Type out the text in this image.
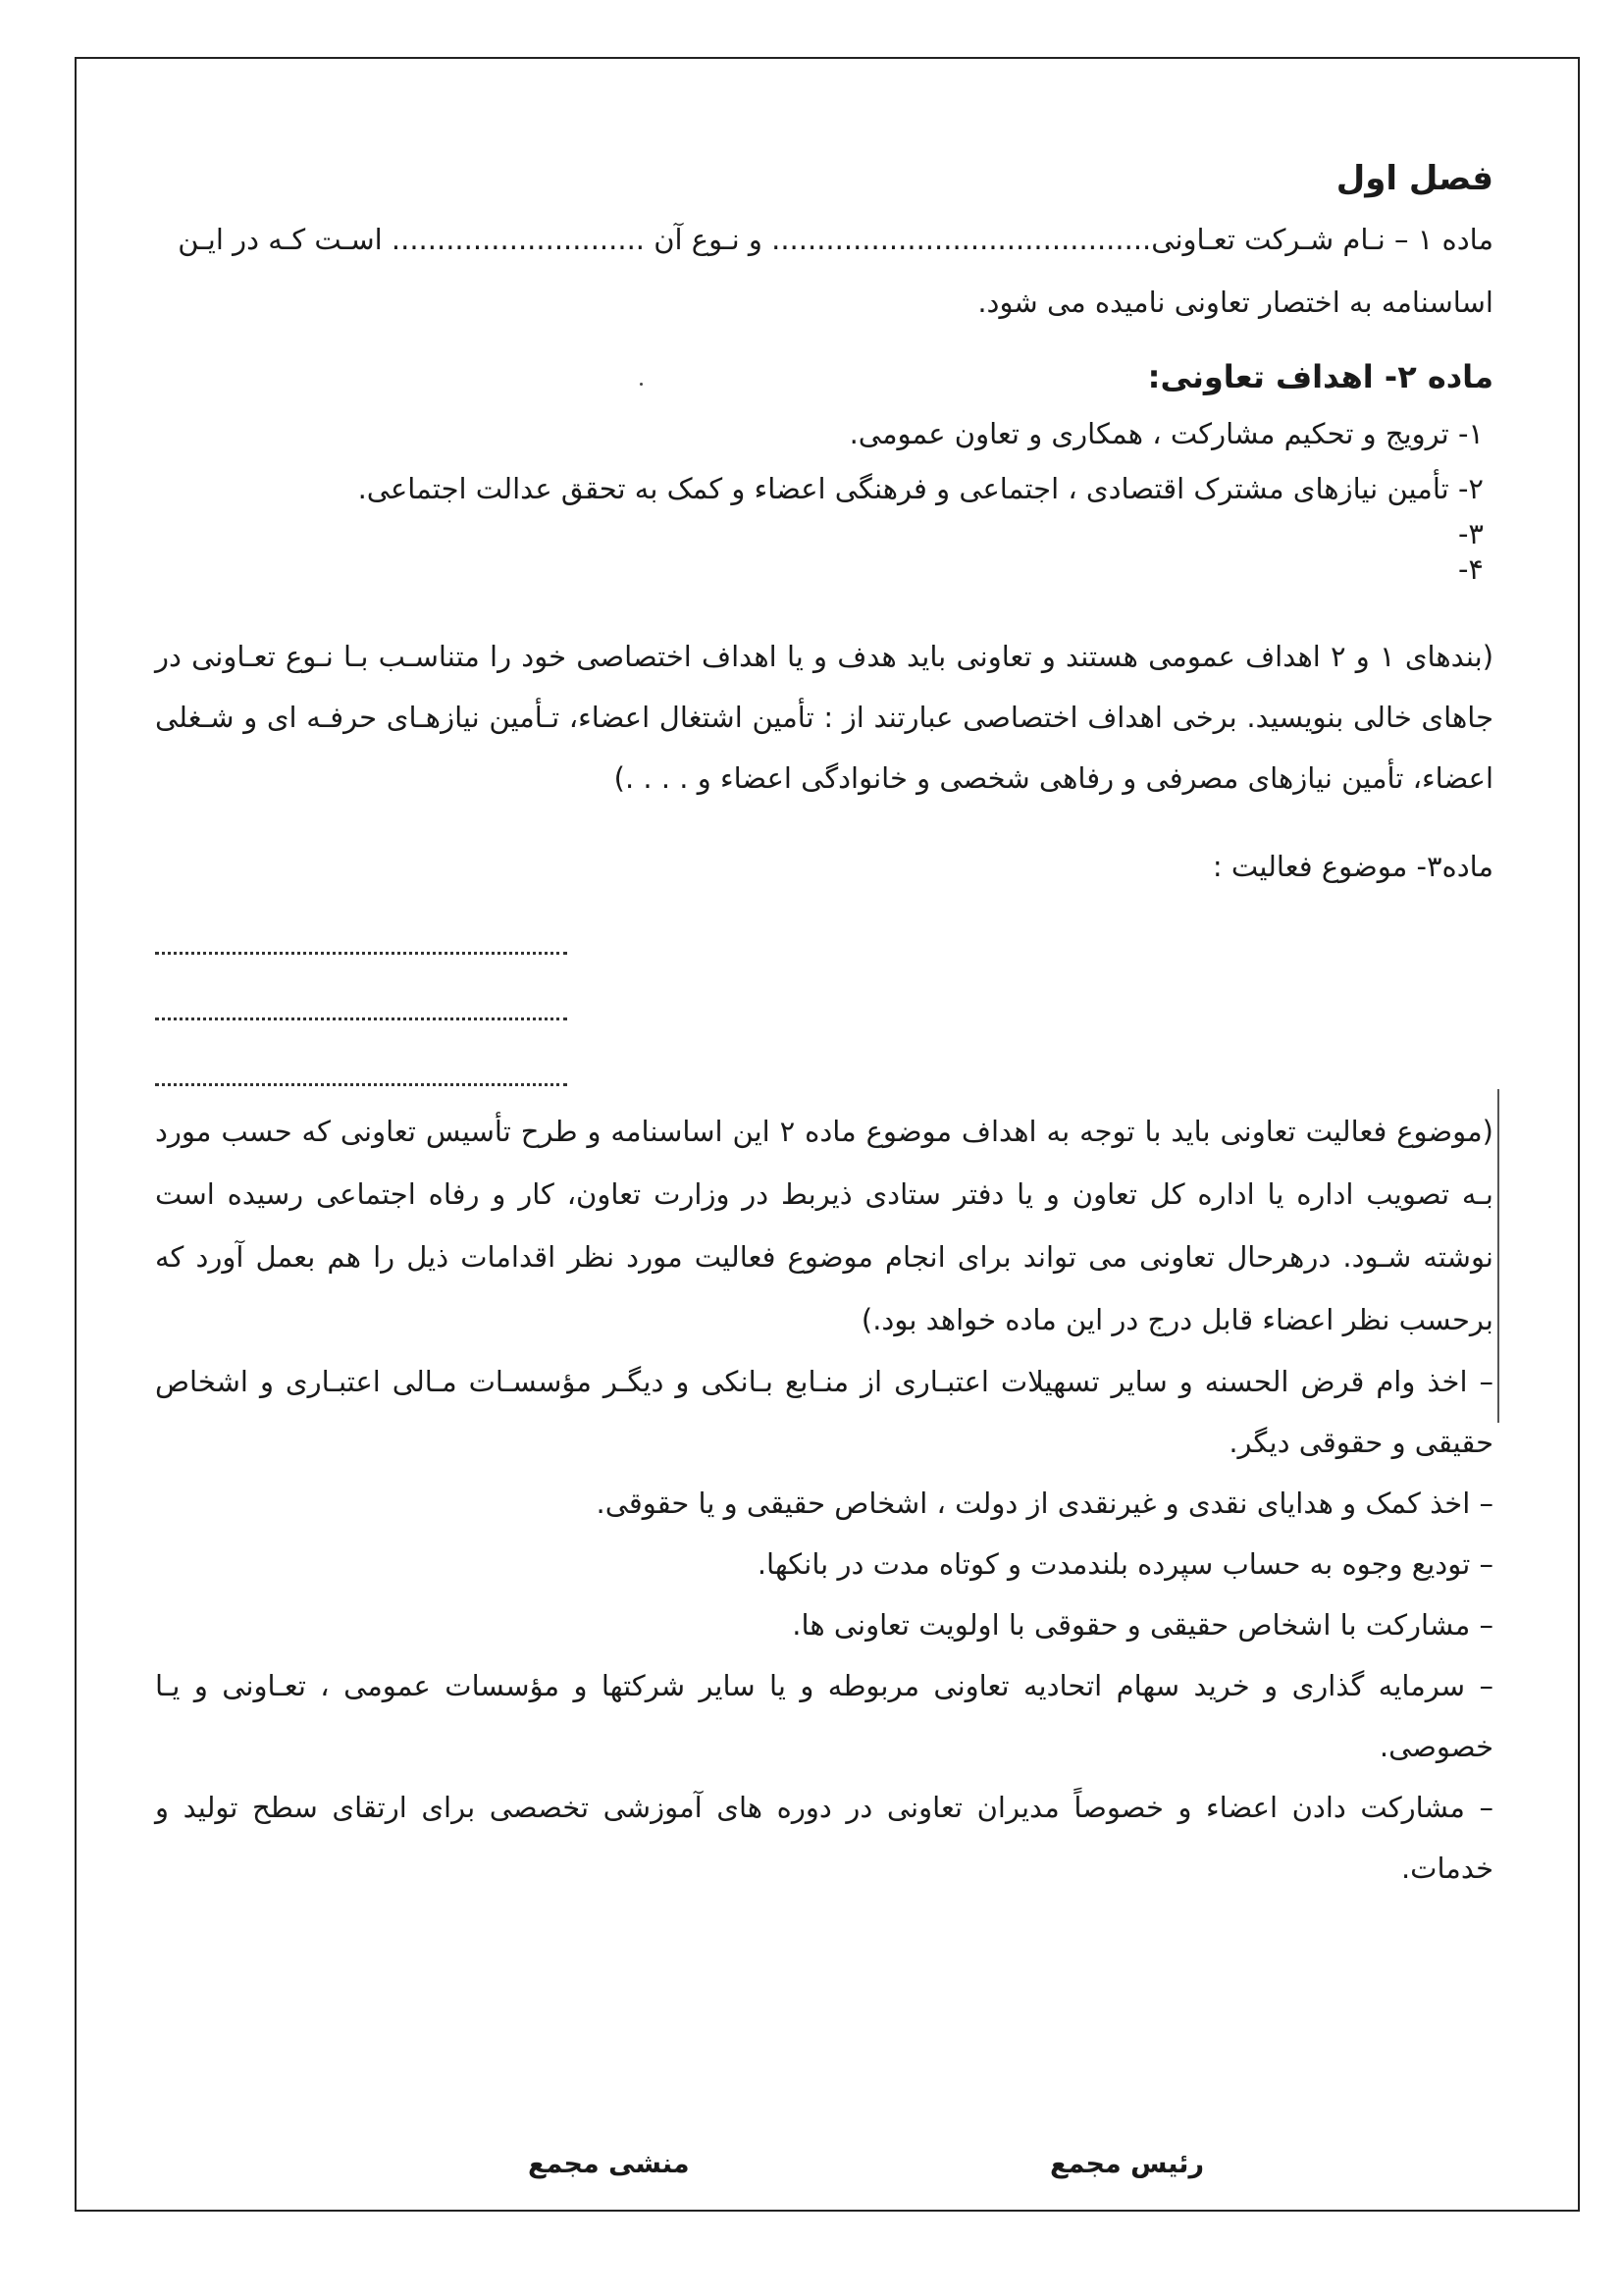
فصل اول

ماده ۱ – نـام شـرکت تعـاونی.......................................... و نـوع آن ............................ اسـت کـه در ایـن

اساسنامه به اختصار تعاونی نامیده می شود.

ماده ۲- اهداف تعاونی:

۱- ترویج و تحکیم مشارکت ، همکاری و تعاون عمومی.

۲- تأمین نیازهای مشترک اقتصادی ، اجتماعی و فرهنگی اعضاء و کمک به تحقق عدالت اجتماعی.

۳-

۴-

(بندهای ۱ و ۲ اهداف عمومی هستند و تعاونی باید هدف و یا اهداف اختصاصی خود را متناسـب بـا نـوع تعـاونی در جاهای خالی بنویسید. برخی اهداف اختصاصی عبارتند از : تأمین اشتغال اعضاء، تـأمین نیازهـای حرفـه ای و شـغلی اعضاء، تأمین نیازهای مصرفی و رفاهی شخصی و خانوادگی اعضاء و . . . .)

ماده۳- موضوع فعالیت :

(موضوع فعالیت تعاونی باید با توجه به اهداف موضوع ماده ۲ این اساسنامه و طرح تأسیس تعاونی که حسب مورد بـه تصویب اداره یا اداره کل تعاون و یا دفتر ستادی ذیربط در وزارت تعاون، کار و رفاه اجتماعی رسیده است نوشته شـود. درهرحال تعاونی می تواند برای انجام موضوع فعالیت مورد نظر اقدامات ذیل را هم بعمل آورد که برحسب نظر اعضاء قابل درج در این ماده خواهد بود.)

– اخذ وام قرض الحسنه و سایر تسهیلات اعتبـاری از منـابع بـانکی و دیگـر مؤسسـات مـالی اعتبـاری و اشخاص حقیقی و حقوقی دیگر.

– اخذ کمک و هدایای نقدی و غیرنقدی از دولت ، اشخاص حقیقی و یا حقوقی.

– تودیع وجوه به حساب سپرده بلندمدت و کوتاه مدت در بانکها.

– مشارکت با اشخاص حقیقی و حقوقی با اولویت تعاونی ها.

– سرمایه گذاری و خرید سهام اتحادیه تعاونی مربوطه و یا سایر شرکتها و مؤسسات عمومی ، تعـاونی و یـا خصوصی.

– مشارکت دادن اعضاء و خصوصاً مدیران تعاونی در دوره های آموزشی تخصصی برای ارتقای سطح تولید و خدمات.

رئیس مجمع
منشی مجمع
